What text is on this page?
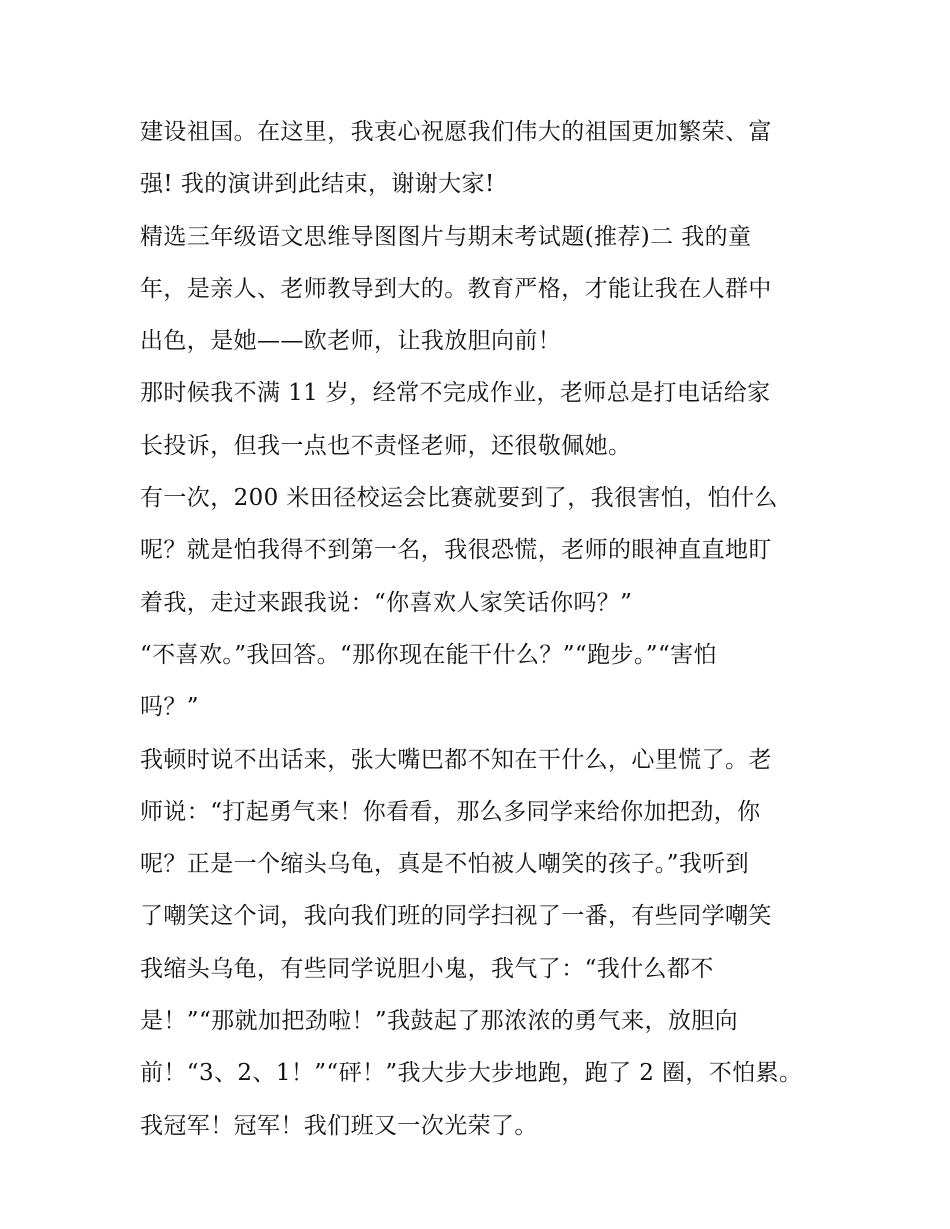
建设祖国。在这里，我衷心祝愿我们伟大的祖国更加繁荣、富
强! 我的演讲到此结束，谢谢大家!
精选三年级语文思维导图图片与期末考试题(推荐)二 我的童
年，是亲人、老师教导到大的。教育严格，才能让我在人群中
出色，是她——欧老师，让我放胆向前！
那时候我不满 11 岁，经常不完成作业，老师总是打电话给家
长投诉，但我一点也不责怪老师，还很敬佩她。
有一次，200 米田径校运会比赛就要到了，我很害怕，怕什么
呢？就是怕我得不到第一名，我很恐慌，老师的眼神直直地盯
着我，走过来跟我说：“你喜欢人家笑话你吗？”
“不喜欢。”我回答。“那你现在能干什么？”“跑步。”“害怕
吗？”
我顿时说不出话来，张大嘴巴都不知在干什么，心里慌了。老
师说：“打起勇气来！你看看，那么多同学来给你加把劲，你
呢？正是一个缩头乌龟，真是不怕被人嘲笑的孩子。”我听到
了嘲笑这个词，我向我们班的同学扫视了一番，有些同学嘲笑
我缩头乌龟，有些同学说胆小鬼，我气了：“我什么都不
是！”“那就加把劲啦！”我鼓起了那浓浓的勇气来，放胆向
前！“3、2、1！”“砰！”我大步大步地跑，跑了 2 圈，不怕累。
我冠军！冠军！我们班又一次光荣了。
